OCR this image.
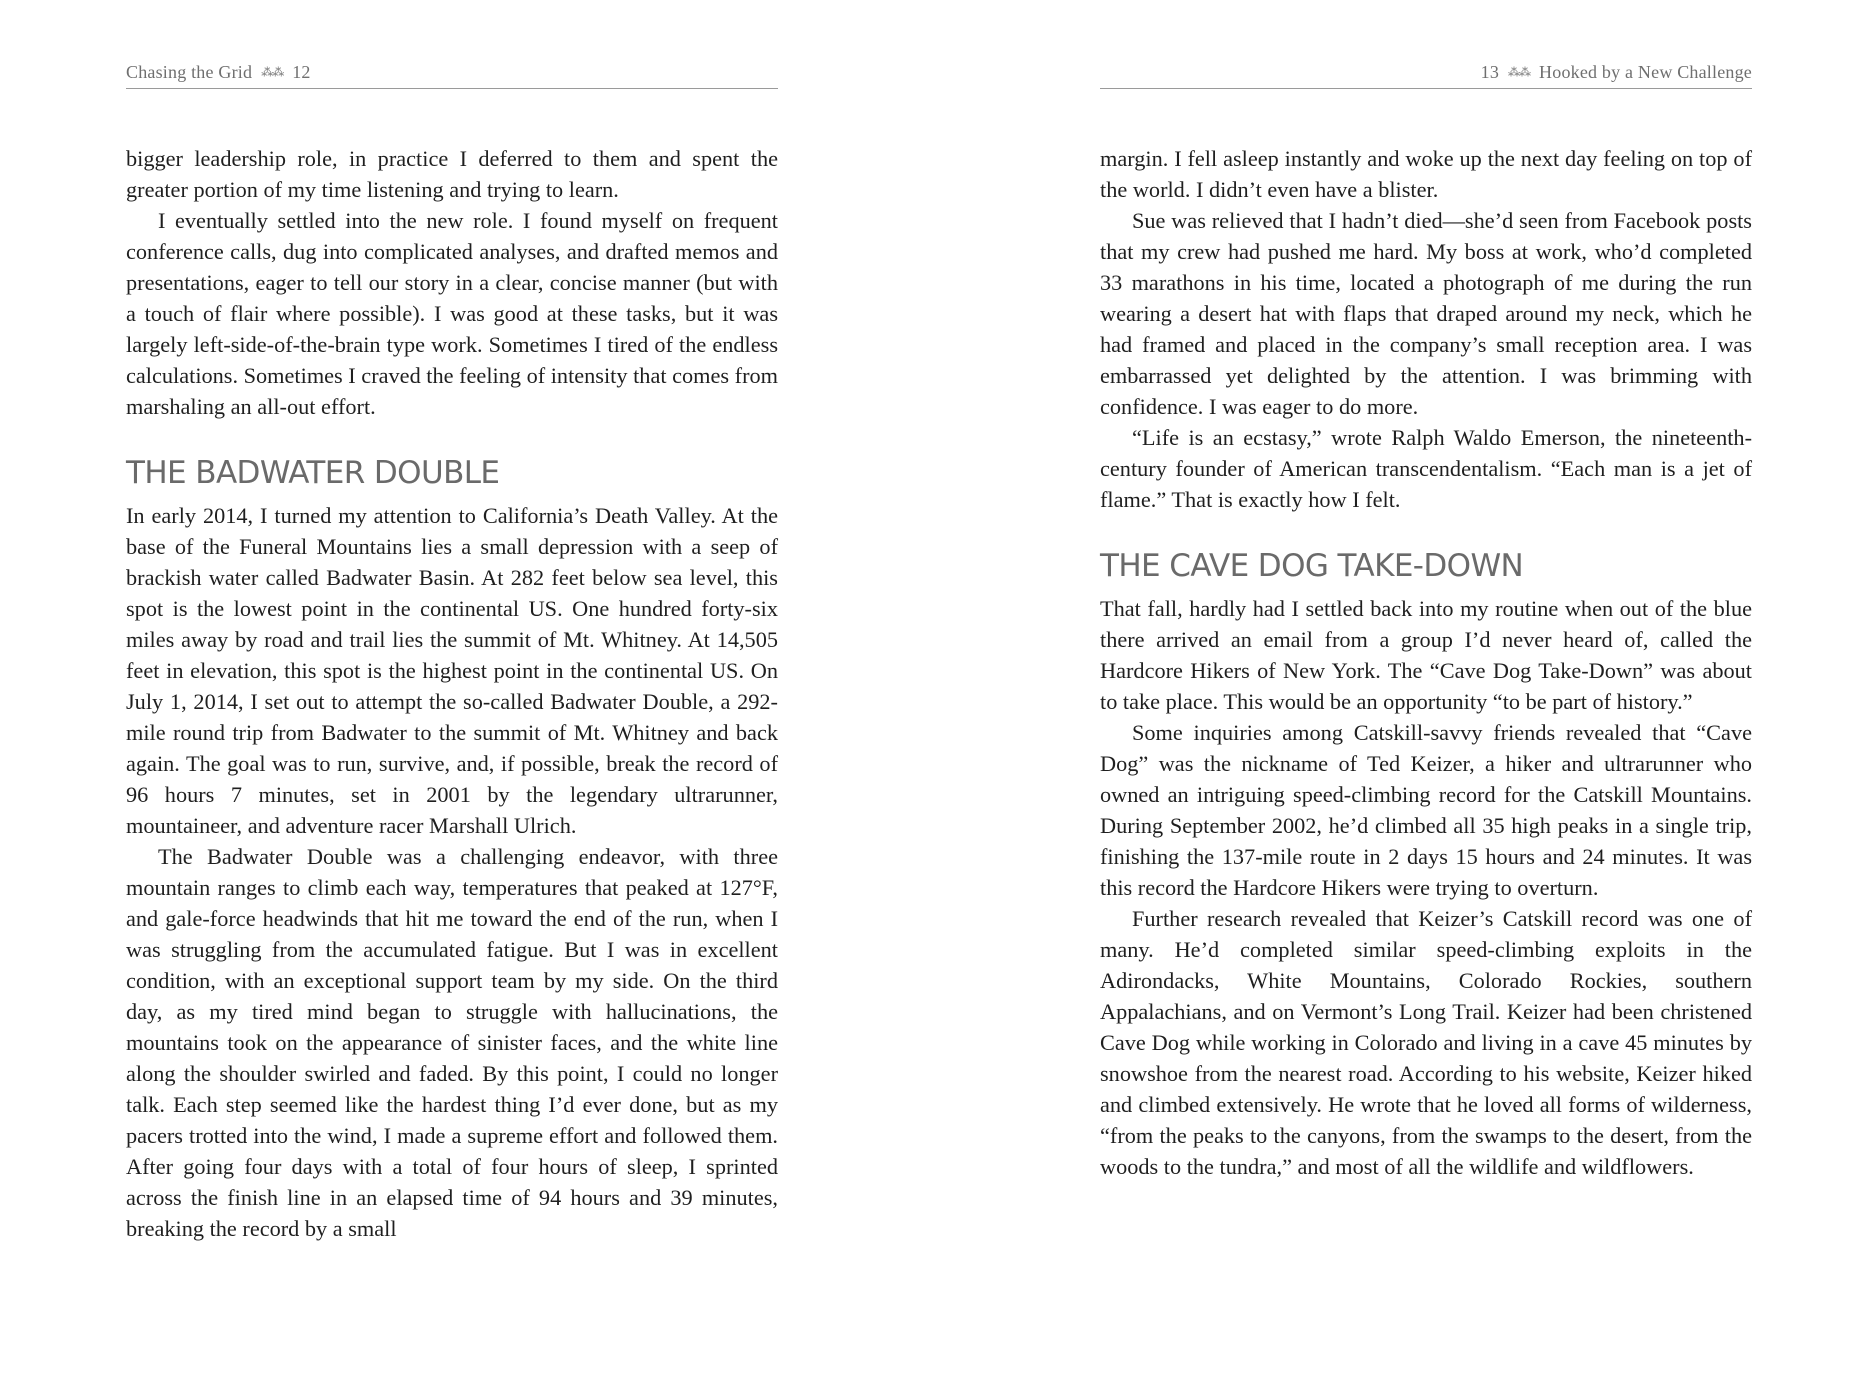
Chasing the Grid ⁂⁂ 12

bigger leadership role, in practice I deferred to them and spent the greater portion of my time listening and trying to learn.

I eventually settled into the new role. I found myself on frequent conference calls, dug into complicated analyses, and drafted memos and presentations, eager to tell our story in a clear, concise manner (but with a touch of flair where possible). I was good at these tasks, but it was largely left-side-of-the-brain type work. Sometimes I tired of the endless calculations. Sometimes I craved the feeling of intensity that comes from marshaling an all-out effort.

THE BADWATER DOUBLE

In early 2014, I turned my attention to California’s Death Valley. At the base of the Funeral Mountains lies a small depression with a seep of brackish water called Badwater Basin. At 282 feet below sea level, this spot is the lowest point in the continental US. One hundred forty-six miles away by road and trail lies the summit of Mt. Whitney. At 14,505 feet in elevation, this spot is the highest point in the continental US. On July 1, 2014, I set out to attempt the so-called Badwater Double, a 292-mile round trip from Badwater to the summit of Mt. Whitney and back again. The goal was to run, survive, and, if possible, break the record of 96 hours 7 minutes, set in 2001 by the legendary ultrarunner, mountaineer, and adventure racer Marshall Ulrich.

The Badwater Double was a challenging endeavor, with three mountain ranges to climb each way, temperatures that peaked at 127°F, and gale-force headwinds that hit me toward the end of the run, when I was struggling from the accumulated fatigue. But I was in excellent condition, with an exceptional support team by my side. On the third day, as my tired mind began to struggle with hallucinations, the mountains took on the appearance of sinister faces, and the white line along the shoulder swirled and faded. By this point, I could no longer talk. Each step seemed like the hardest thing I’d ever done, but as my pacers trotted into the wind, I made a supreme effort and followed them. After going four days with a total of four hours of sleep, I sprinted across the finish line in an elapsed time of 94 hours and 39 minutes, breaking the record by a small

13 ⁂⁂ Hooked by a New Challenge

margin. I fell asleep instantly and woke up the next day feeling on top of the world. I didn’t even have a blister.

Sue was relieved that I hadn’t died—she’d seen from Facebook posts that my crew had pushed me hard. My boss at work, who’d completed 33 marathons in his time, located a photograph of me during the run wearing a desert hat with flaps that draped around my neck, which he had framed and placed in the company’s small reception area. I was embarrassed yet delighted by the attention. I was brimming with confidence. I was eager to do more.

“Life is an ecstasy,” wrote Ralph Waldo Emerson, the nineteenth-century founder of American transcendentalism. “Each man is a jet of flame.” That is exactly how I felt.

THE CAVE DOG TAKE-DOWN

That fall, hardly had I settled back into my routine when out of the blue there arrived an email from a group I’d never heard of, called the Hardcore Hikers of New York. The “Cave Dog Take-Down” was about to take place. This would be an opportunity “to be part of history.”

Some inquiries among Catskill-savvy friends revealed that “Cave Dog” was the nickname of Ted Keizer, a hiker and ultrarunner who owned an intriguing speed-climbing record for the Catskill Mountains. During September 2002, he’d climbed all 35 high peaks in a single trip, finishing the 137-mile route in 2 days 15 hours and 24 minutes. It was this record the Hardcore Hikers were trying to overturn.

Further research revealed that Keizer’s Catskill record was one of many. He’d completed similar speed-climbing exploits in the Adirondacks, White Mountains, Colorado Rockies, southern Appalachians, and on Vermont’s Long Trail. Keizer had been christened Cave Dog while working in Colorado and living in a cave 45 minutes by snowshoe from the nearest road. According to his website, Keizer hiked and climbed extensively. He wrote that he loved all forms of wilderness, “from the peaks to the canyons, from the swamps to the desert, from the woods to the tundra,” and most of all the wildlife and wildflowers.
